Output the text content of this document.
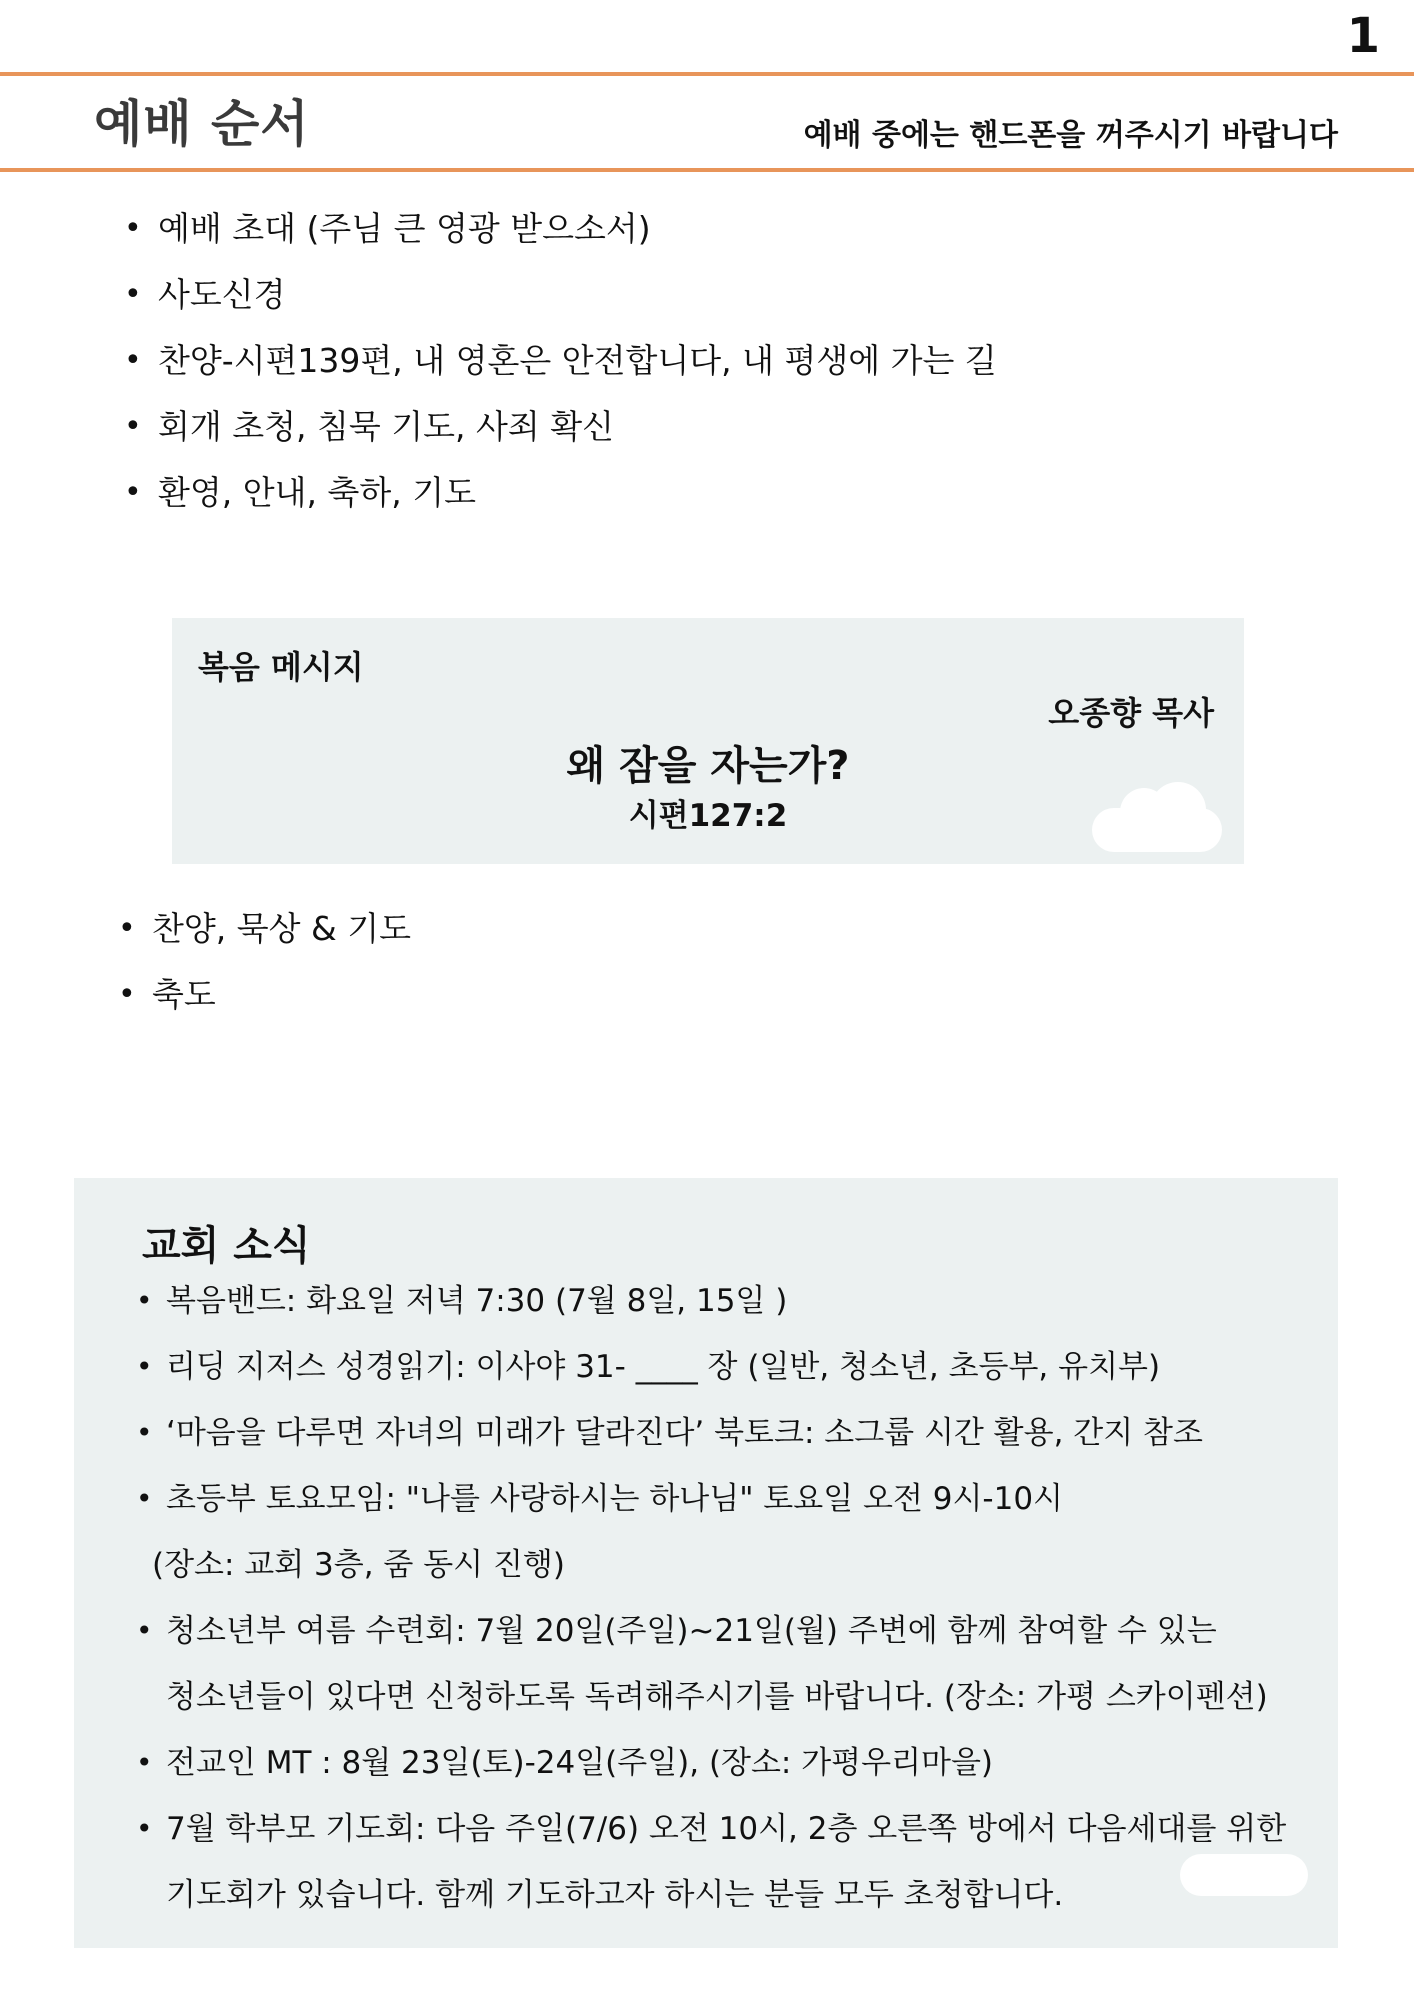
1
예배 순서	예배 중에는 핸드폰을 꺼주시기 바랍니다
• 예배 초대 (주님 큰 영광 받으소서)
• 사도신경
• 찬양-시편139편, 내 영혼은 안전합니다, 내 평생에 가는 길
• 회개 초청, 침묵 기도, 사죄 확신
• 환영, 안내, 축하, 기도
복음 메시지
오종향 목사
왜 잠을 자는가?
시편127:2
• 찬양, 묵상 & 기도
• 축도
교회 소식
• 복음밴드: 화요일 저녁 7:30 (7월 8일, 15일 )
• 리딩 지저스 성경읽기: 이사야 31- ____ 장 (일반, 청소년, 초등부, 유치부)
• ‘마음을 다루면 자녀의 미래가 달라진다’ 북토크: 소그룹 시간 활용, 간지 참조
• 초등부 토요모임: "나를 사랑하시는 하나님" 토요일 오전 9시-10시
(장소: 교회 3층, 줌 동시 진행)
• 청소년부 여름 수련회: 7월 20일(주일)~21일(월) 주변에 함께 참여할 수 있는
청소년들이 있다면 신청하도록 독려해주시기를 바랍니다. (장소: 가평 스카이펜션)
• 전교인 MT : 8월 23일(토)-24일(주일), (장소: 가평우리마을)
• 7월 학부모 기도회: 다음 주일(7/6) 오전 10시, 2층 오른쪽 방에서 다음세대를 위한
기도회가 있습니다. 함께 기도하고자 하시는 분들 모두 초청합니다.
